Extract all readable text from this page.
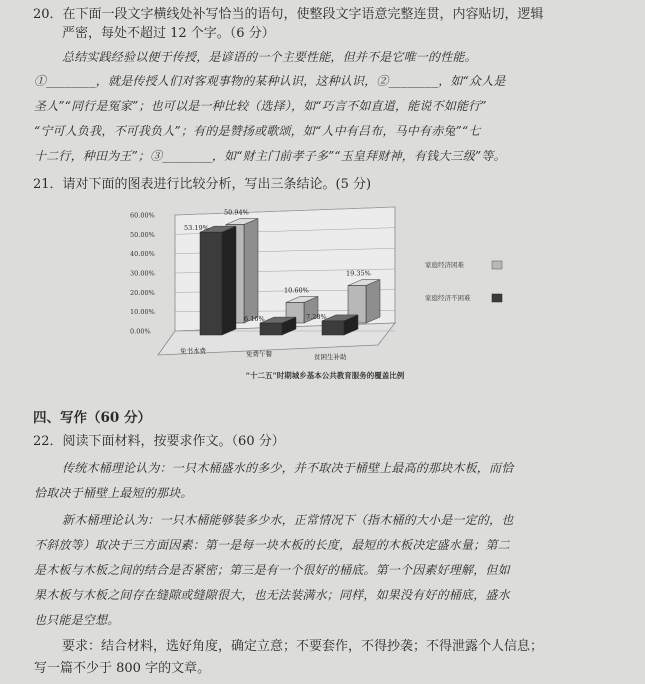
20．在下面一段文字横线处补写恰当的语句，使整段文字语意完整连贯，内容贴切，逻辑
严密，每处不超过 12 个字。（6 分）
总结实践经验以便于传授，是谚语的一个主要性能，但并不是它唯一的性能。
①________，就是传授人们对客观事物的某种认识，这种认识，②________，如“众人是
圣人”“同行是冤家”；也可以是一种比较（选择），如“巧言不如直道，能说不如能行”
“宁可人负我，不可我负人”；有的是赞扬或歌颂，如“人中有吕布，马中有赤兔”“七
十二行，种田为王”；③________，如“财主门前孝子多”“玉皇拜财神，有钱大三级”等。
21．请对下面的图表进行比较分析，写出三条结论。(5 分)
0.00%
10.00%
20.00%
30.00%
40.00%
50.00%
60.00%
53.19%
50.94%
6.16%
10.60%
7.28%
19.35%
免书本费	免费午餐	贫困生补助
家庭经济困难
家庭经济不困难
“十二五”时期城乡基本公共教育服务的覆盖比例
四、写作（60 分）
22．阅读下面材料，按要求作文。（60 分）
传统木桶理论认为：一只木桶盛水的多少，并不取决于桶壁上最高的那块木板，而恰
恰取决于桶壁上最短的那块。
新木桶理论认为：一只木桶能够装多少水，正常情况下（指木桶的大小是一定的，也
不斜放等）取决于三方面因素：第一是每一块木板的长度，最短的木板决定盛水量；第二
是木板与木板之间的结合是否紧密；第三是有一个很好的桶底。第一个因素好理解，但如
果木板与木板之间存在缝隙或缝隙很大，也无法装满水；同样，如果没有好的桶底，盛水
也只能是空想。
要求：结合材料，选好角度，确定立意；不要套作，不得抄袭；不得泄露个人信息；
写一篇不少于 800 字的文章。
